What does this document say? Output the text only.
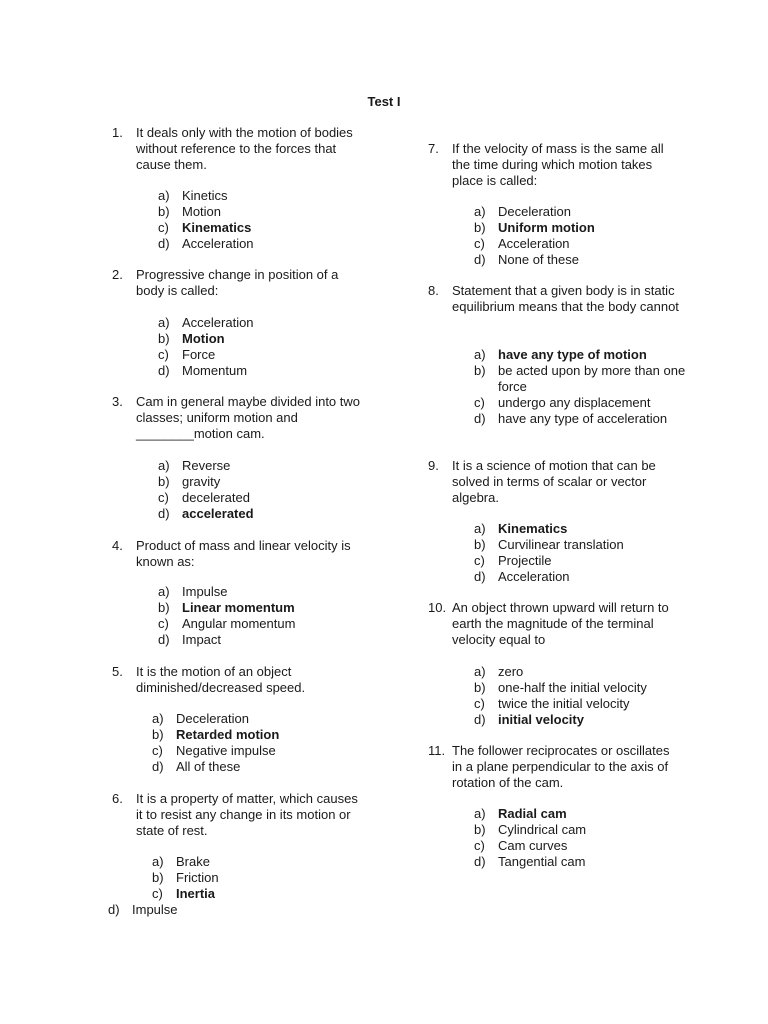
Test I
1. It deals only with the motion of bodies without reference to the forces that cause them.
a) Kinetics
b) Motion
c) Kinematics
d) Acceleration
2. Progressive change in position of a body is called:
a) Acceleration
b) Motion
c) Force
d) Momentum
3. Cam in general maybe divided into two classes; uniform motion and ________motion cam.
a) Reverse
b) gravity
c) decelerated
d) accelerated
4. Product of mass and linear velocity is known as:
a) Impulse
b) Linear momentum
c) Angular momentum
d) Impact
5. It is the motion of an object diminished/decreased speed.
a) Deceleration
b) Retarded motion
c) Negative impulse
d) All of these
6. It is a property of matter, which causes it to resist any change in its motion or state of rest.
a) Brake
b) Friction
c) Inertia
d) Impulse
7. If the velocity of mass is the same all the time during which motion takes place is called:
a) Deceleration
b) Uniform motion
c) Acceleration
d) None of these
8. Statement that a given body is in static equilibrium means that the body cannot
a) have any type of motion
b) be acted upon by more than one force
c) undergo any displacement
d) have any type of acceleration
9. It is a science of motion that can be solved in terms of scalar or vector algebra.
a) Kinematics
b) Curvilinear translation
c) Projectile
d) Acceleration
10. An object thrown upward will return to earth the magnitude of the terminal velocity equal to
a) zero
b) one-half the initial velocity
c) twice the initial velocity
d) initial velocity
11. The follower reciprocates or oscillates in a plane perpendicular to the axis of rotation of the cam.
a) Radial cam
b) Cylindrical cam
c) Cam curves
d) Tangential cam
